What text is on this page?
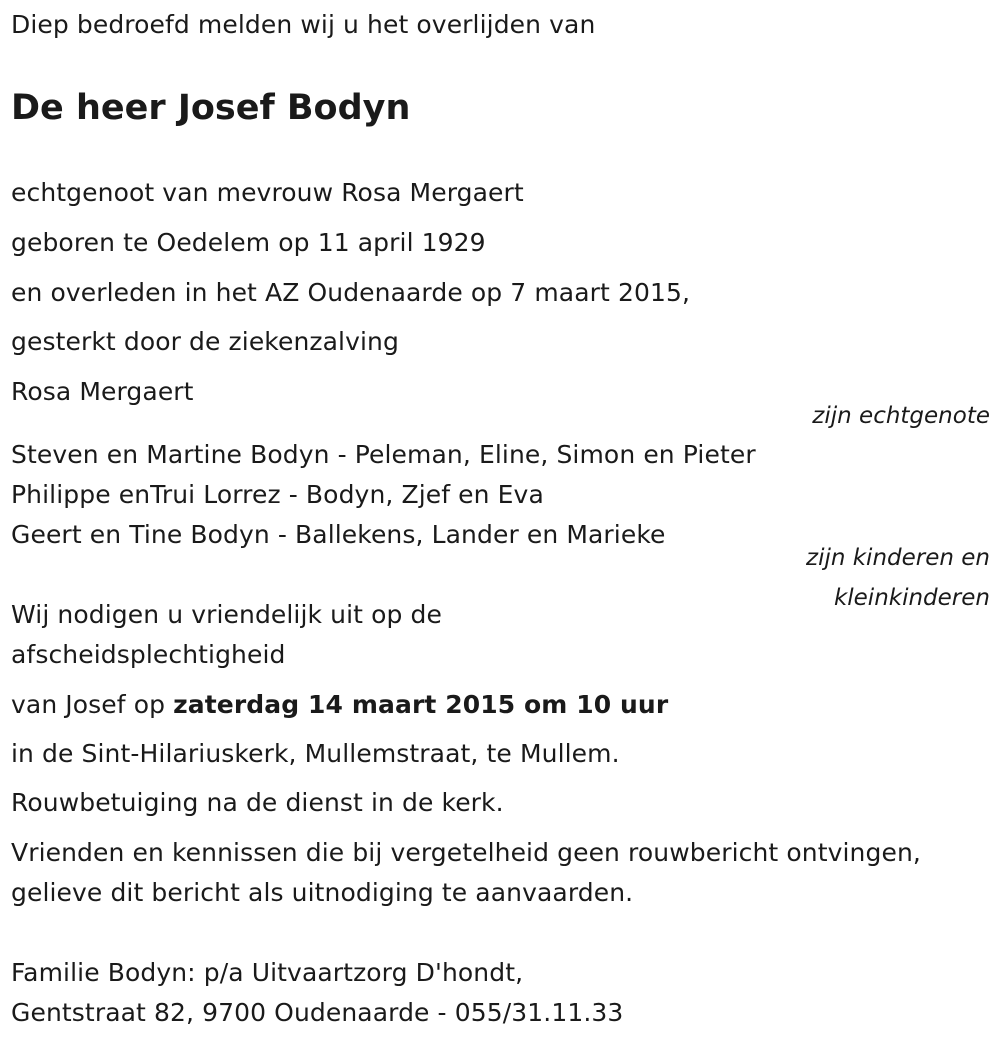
Diep bedroefd melden wij u het overlijden van
De heer Josef Bodyn
echtgenoot van mevrouw Rosa Mergaert
geboren te Oedelem op 11 april 1929
en overleden in het AZ Oudenaarde op 7 maart 2015,
gesterkt door de ziekenzalving
Rosa Mergaert
zijn echtgenote
Steven en Martine Bodyn - Peleman, Eline, Simon en Pieter
Philippe enTrui Lorrez - Bodyn, Zjef en Eva
Geert en Tine Bodyn - Ballekens, Lander en Marieke
zijn kinderen en
kleinkinderen
Wij nodigen u vriendelijk uit op de
afscheidsplechtigheid
van Josef op zaterdag 14 maart 2015 om 10 uur
in de Sint-Hilariuskerk, Mullemstraat, te Mullem.
Rouwbetuiging na de dienst in de kerk.
Vrienden en kennissen die bij vergetelheid geen rouwbericht ontvingen,
gelieve dit bericht als uitnodiging te aanvaarden.
Familie Bodyn: p/a Uitvaartzorg D'hondt,
Gentstraat 82, 9700 Oudenaarde - 055/31.11.33
